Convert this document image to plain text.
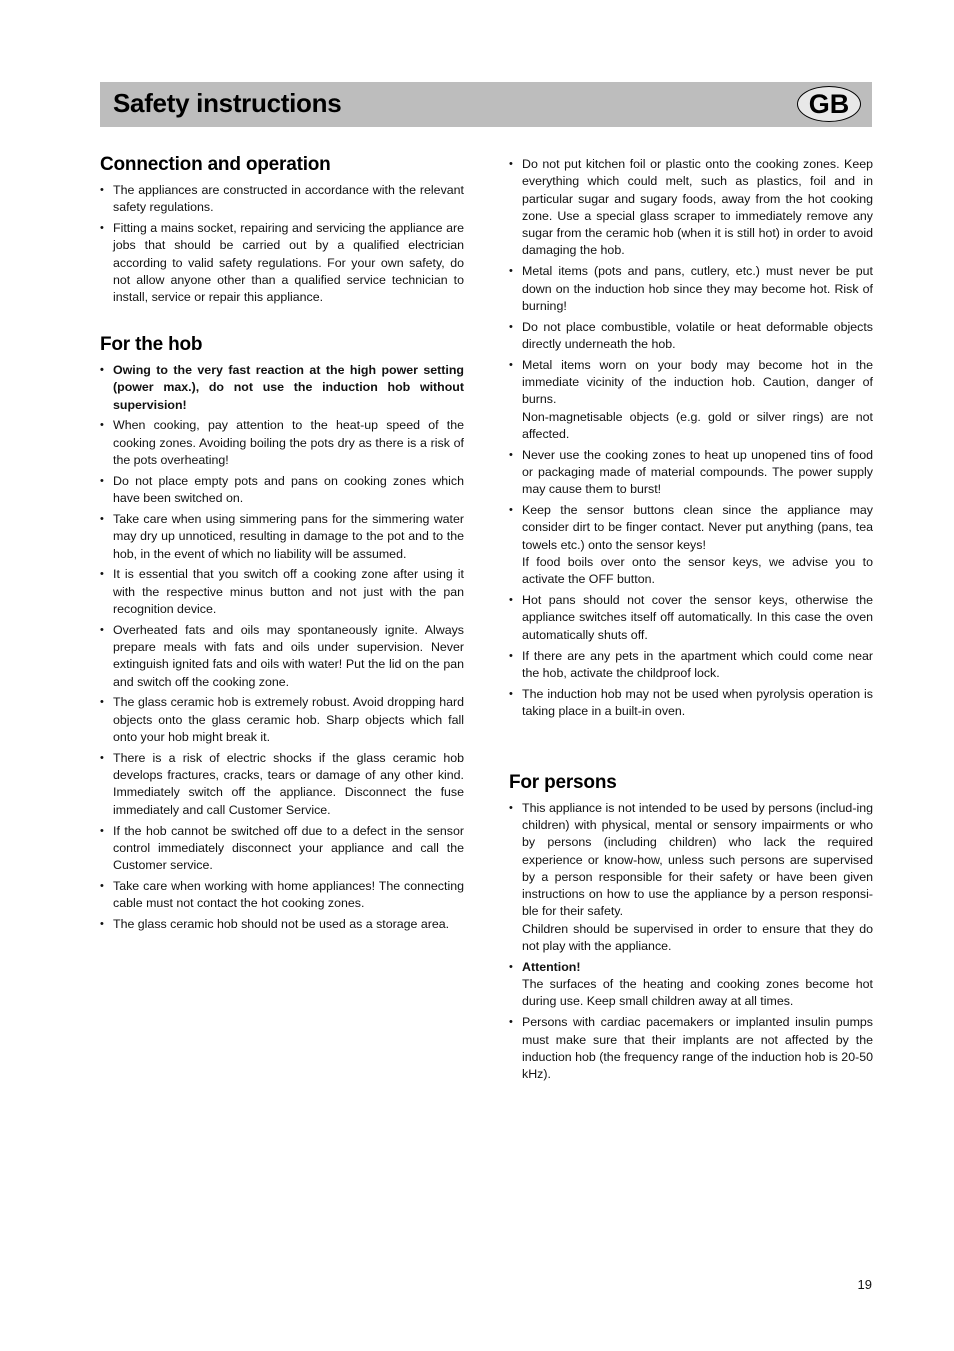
Safety instructions	GB
Connection and operation
• The appliances are constructed in accordance with the relevant safety regulations.
• Fitting a mains socket, repairing and servicing the appliance are jobs that should be carried out by a qualified electrician according to valid safety regulations. For your own safety, do not allow anyone other than a qualified service technician to install, service or repair this appliance.
For the hob
• Owing to the very fast reaction at the high power setting (power max.), do not use the induction hob without supervision!
• When cooking, pay attention to the heat-up speed of the cooking zones. Avoiding boiling the pots dry as there is a risk of the pots overheating!
• Do not place empty pots and pans on cooking zones which have been switched on.
• Take care when using simmering pans for the simmering water may dry up unnoticed, resulting in damage to the pot and to the hob, in the event of which no liability will be assumed.
• It is essential that you switch off a cooking zone after using it with the respective minus button and not just with the pan recognition device.
• Overheated fats and oils may spontaneously ignite. Always prepare meals with fats and oils under supervision. Never extinguish ignited fats and oils with water! Put the lid on the pan and switch off the cooking zone.
• The glass ceramic hob is extremely robust. Avoid dropping hard objects onto the glass ceramic hob. Sharp objects which fall onto your hob might break it.
• There is a risk of electric shocks if the glass ceramic hob develops fractures, cracks, tears or damage of any other kind. Immediately switch off the appliance. Disconnect the fuse immediately and call Customer Service.
• If the hob cannot be switched off due to a defect in the sensor control immediately disconnect your appliance and call the Customer service.
• Take care when working with home appliances! The connecting cable must not contact the hot cooking zones.
• The glass ceramic hob should not be used as a storage area.
• Do not put kitchen foil or plastic onto the cooking zones. Keep everything which could melt, such as plastics, foil and in particular sugar and sugary foods, away from the hot cooking zone. Use a special glass scraper to immediately remove any sugar from the ceramic hob (when it is still hot) in order to avoid damaging the hob.
• Metal items (pots and pans, cutlery, etc.) must never be put down on the induction hob since they may become hot. Risk of burning!
• Do not place combustible, volatile or heat deformable objects directly underneath the hob.

• Metal items worn on your body may become hot in the immediate vicinity of the induction hob. Caution, danger of burns.

Non-magnetisable objects (e.g. gold or silver rings) are not affected.

• Never use the cooking zones to heat up unopened tins of food or packaging made of material compounds. The power supply may cause them to burst!

• Keep the sensor buttons clean since the appliance may consider dirt to be finger contact. Never put anything (pans, tea towels etc.) onto the sensor keys!

If food boils over onto the sensor keys, we advise you to activate the OFF button.

• Hot pans should not cover the sensor keys, otherwise the appliance switches itself off automatically. In this case the oven automatically shuts off.
• If there are any pets in the apartment which could come near the hob, activate the childproof lock.
• The induction hob may not be used when pyrolysis operation is taking place in a built-in oven.
For persons

• This appliance is not intended to be used by persons (includ-ing children) with physical, mental or sensory impairments or who by persons (including children) who lack the required experience or know-how, unless such persons are supervised by a person responsible for their safety or have been given instructions on how to use the appliance by a person responsi-ble for their safety.

Children should be supervised in order to ensure that they do not play with the appliance.

• Attention!

The surfaces of the heating and cooking zones become hot during use. Keep small children away at all times.

• Persons with cardiac pacemakers or implanted insulin pumps must make sure that their implants are not affected by the induction hob (the frequency range of the induction hob is 20-50 kHz).
19
